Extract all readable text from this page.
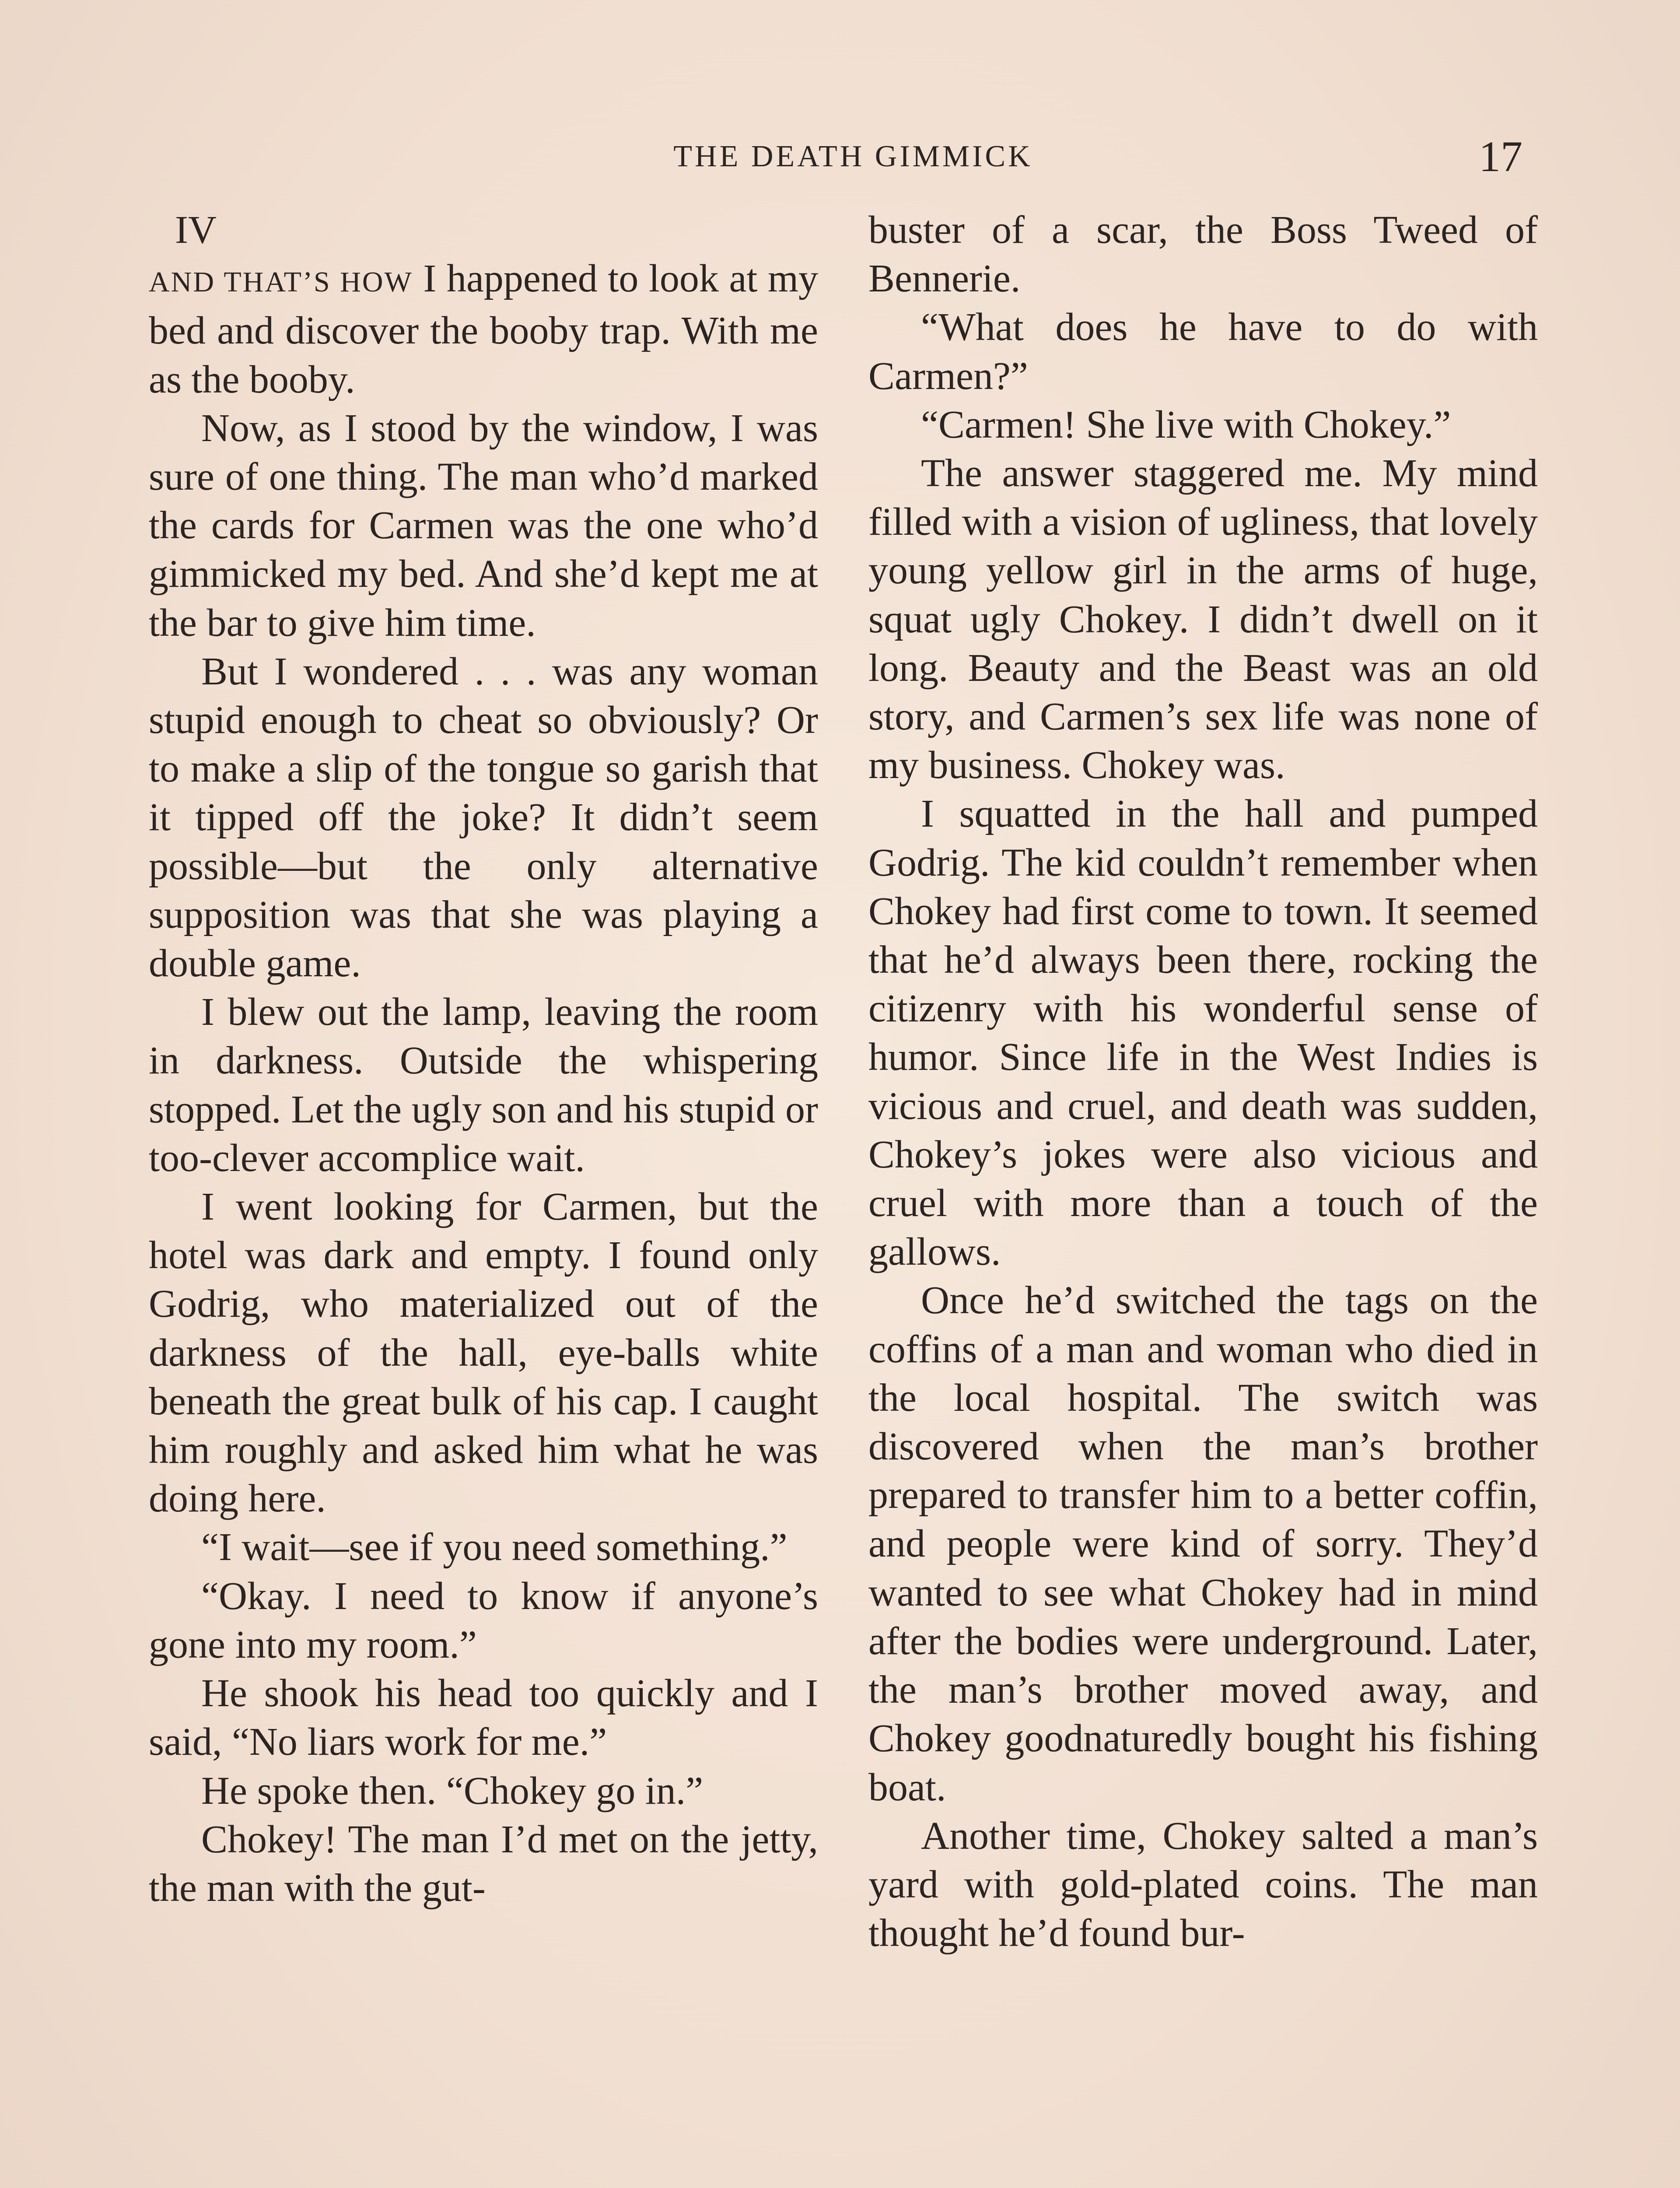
THE DEATH GIMMICK	17

IV

AND THAT’S HOW I happened to look at my bed and discover the booby trap. With me as the booby.

Now, as I stood by the window, I was sure of one thing. The man who’d marked the cards for Carmen was the one who’d gimmicked my bed. And she’d kept me at the bar to give him time.

But I wondered . . . was any woman stupid enough to cheat so obviously? Or to make a slip of the tongue so garish that it tipped off the joke? It didn’t seem possible—but the only alternative supposition was that she was playing a double game.

I blew out the lamp, leaving the room in darkness. Outside the whispering stopped. Let the ugly son and his stupid or too-clever accomplice wait.

I went looking for Carmen, but the hotel was dark and empty. I found only Godrig, who materialized out of the darkness of the hall, eye-balls white beneath the great bulk of his cap. I caught him roughly and asked him what he was doing here.

“I wait—see if you need something.”

“Okay. I need to know if anyone’s gone into my room.”

He shook his head too quickly and I said, “No liars work for me.”

He spoke then. “Chokey go in.”

Chokey! The man I’d met on the jetty, the man with the gut-

buster of a scar, the Boss Tweed of Bennerie.

“What does he have to do with Carmen?”

“Carmen! She live with Chokey.”

The answer staggered me. My mind filled with a vision of ugliness, that lovely young yellow girl in the arms of huge, squat ugly Chokey. I didn’t dwell on it long. Beauty and the Beast was an old story, and Carmen’s sex life was none of my business. Chokey was.

I squatted in the hall and pumped Godrig. The kid couldn’t remember when Chokey had first come to town. It seemed that he’d always been there, rocking the citizenry with his wonderful sense of humor. Since life in the West Indies is vicious and cruel, and death was sudden, Chokey’s jokes were also vicious and cruel with more than a touch of the gallows.

Once he’d switched the tags on the coffins of a man and woman who died in the local hospital. The switch was discovered when the man’s brother prepared to transfer him to a better coffin, and people were kind of sorry. They’d wanted to see what Chokey had in mind after the bodies were underground. Later, the man’s brother moved away, and Chokey goodnaturedly bought his fishing boat.

Another time, Chokey salted a man’s yard with gold-plated coins. The man thought he’d found bur-
